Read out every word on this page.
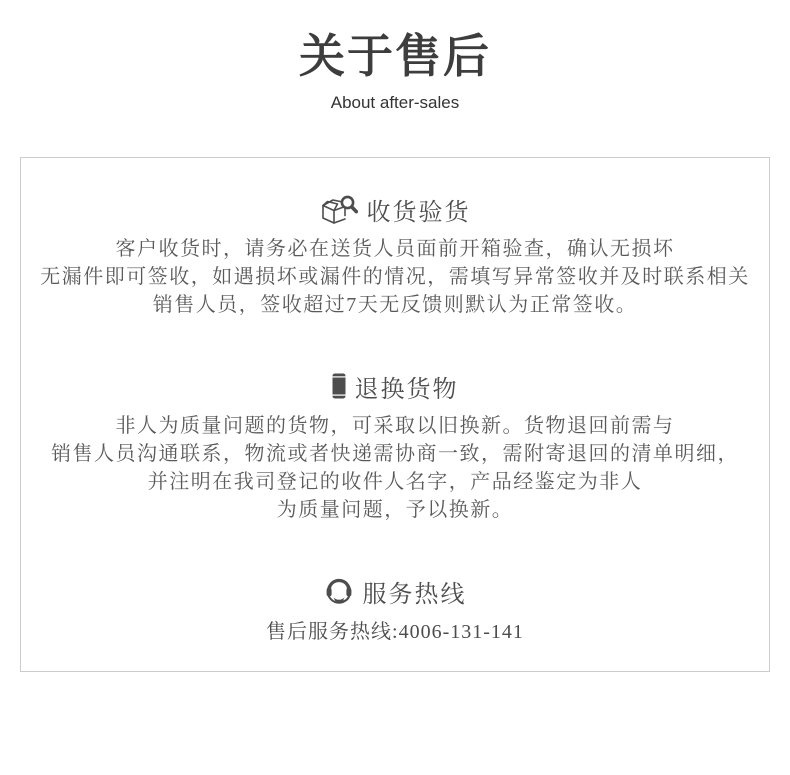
关于售后
About after-sales
收货验货
客户收货时，请务必在送货人员面前开箱验查，确认无损坏
无漏件即可签收，如遇损坏或漏件的情况，需填写异常签收并及时联系相关
销售人员，签收超过7天无反馈则默认为正常签收。
退换货物
非人为质量问题的货物，可采取以旧换新。货物退回前需与
销售人员沟通联系，物流或者快递需协商一致，需附寄退回的清单明细，
并注明在我司登记的收件人名字，产品经鉴定为非人
为质量问题，予以换新。
服务热线
售后服务热线:4006-131-141
